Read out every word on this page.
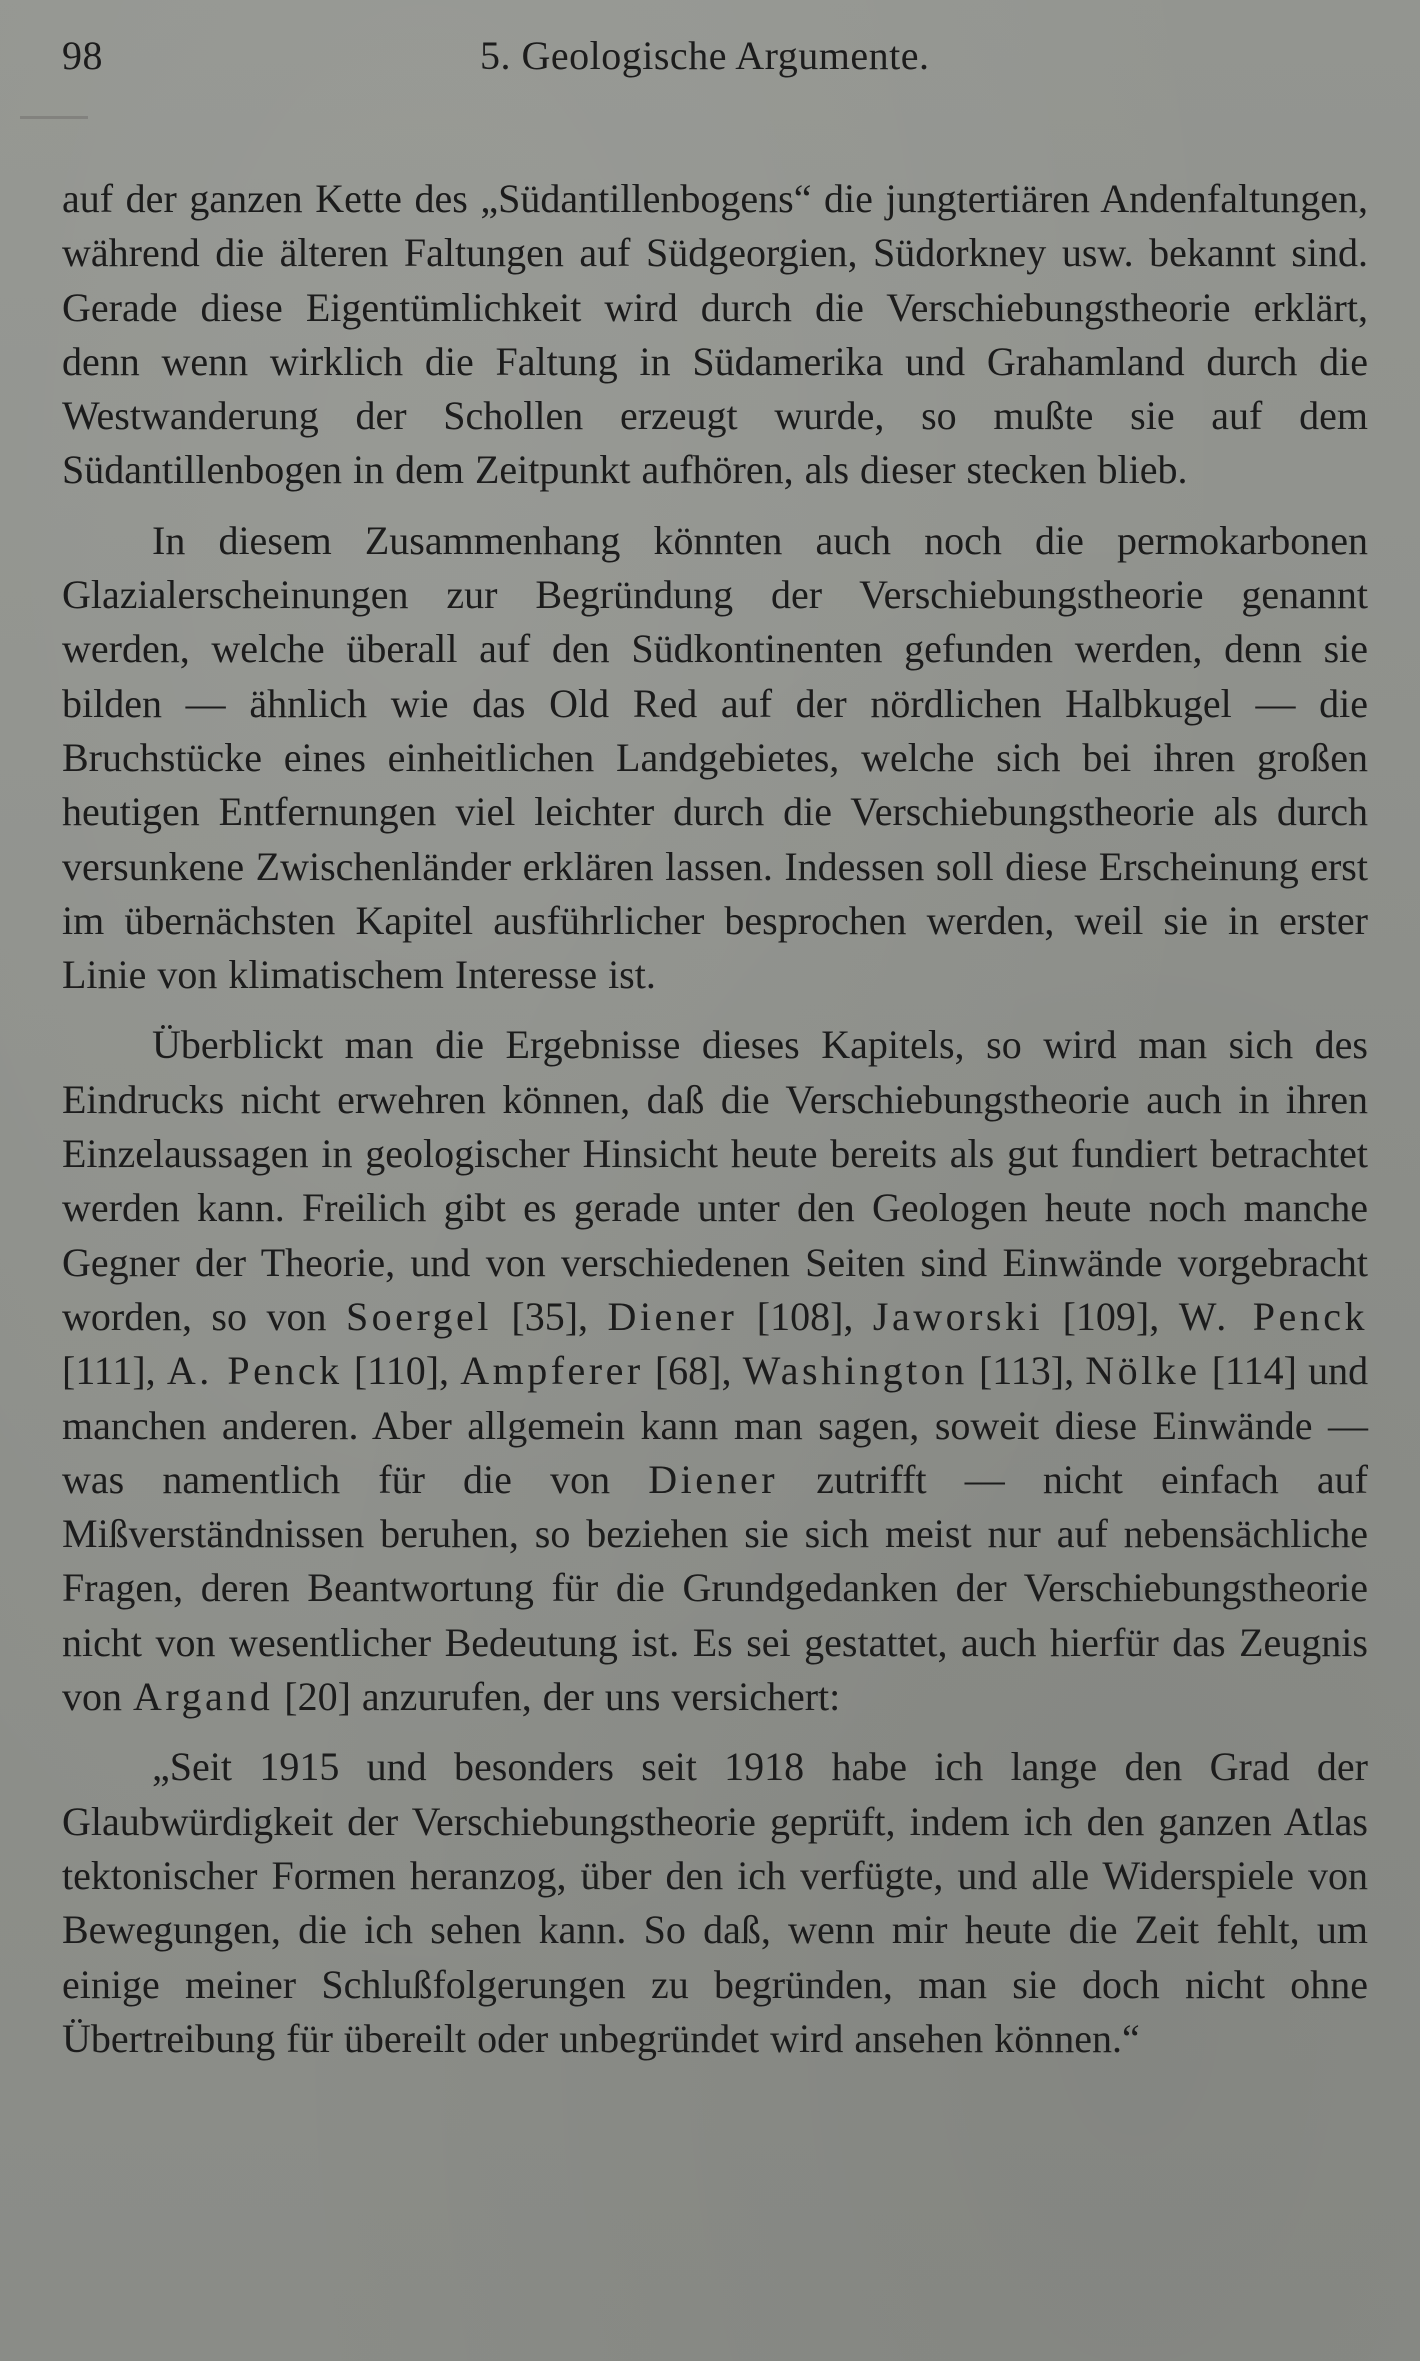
98	5. Geologische Argumente.

auf der ganzen Kette des „Südantillenbogens“ die jungtertiären Andenfaltungen, während die älteren Faltungen auf Südgeorgien, Südorkney usw. bekannt sind. Gerade diese Eigentümlichkeit wird durch die Verschiebungstheorie erklärt, denn wenn wirklich die Faltung in Südamerika und Grahamland durch die Westwanderung der Schollen erzeugt wurde, so mußte sie auf dem Südantillenbogen in dem Zeitpunkt aufhören, als dieser stecken blieb.

In diesem Zusammenhang könnten auch noch die permokarbonen Glazialerscheinungen zur Begründung der Verschiebungstheorie genannt werden, welche überall auf den Südkontinenten gefunden werden, denn sie bilden — ähnlich wie das Old Red auf der nördlichen Halbkugel — die Bruchstücke eines einheitlichen Landgebietes, welche sich bei ihren großen heutigen Entfernungen viel leichter durch die Verschiebungstheorie als durch versunkene Zwischenländer erklären lassen. Indessen soll diese Erscheinung erst im übernächsten Kapitel ausführlicher besprochen werden, weil sie in erster Linie von klimatischem Interesse ist.

Überblickt man die Ergebnisse dieses Kapitels, so wird man sich des Eindrucks nicht erwehren können, daß die Verschiebungstheorie auch in ihren Einzelaussagen in geologischer Hinsicht heute bereits als gut fundiert betrachtet werden kann. Freilich gibt es gerade unter den Geologen heute noch manche Gegner der Theorie, und von verschiedenen Seiten sind Einwände vorgebracht worden, so von Soergel [35], Diener [108], Jaworski [109], W. Penck [111], A. Penck [110], Ampferer [68], Washington [113], Nölke [114] und manchen anderen. Aber allgemein kann man sagen, soweit diese Einwände — was namentlich für die von Diener zutrifft — nicht einfach auf Mißverständnissen beruhen, so beziehen sie sich meist nur auf nebensächliche Fragen, deren Beantwortung für die Grundgedanken der Verschiebungstheorie nicht von wesentlicher Bedeutung ist. Es sei gestattet, auch hierfür das Zeugnis von Argand [20] anzurufen, der uns versichert:

„Seit 1915 und besonders seit 1918 habe ich lange den Grad der Glaubwürdigkeit der Verschiebungstheorie geprüft, indem ich den ganzen Atlas tektonischer Formen heranzog, über den ich verfügte, und alle Widerspiele von Bewegungen, die ich sehen kann. So daß, wenn mir heute die Zeit fehlt, um einige meiner Schlußfolgerungen zu begründen, man sie doch nicht ohne Übertreibung für übereilt oder unbegründet wird ansehen können.“
